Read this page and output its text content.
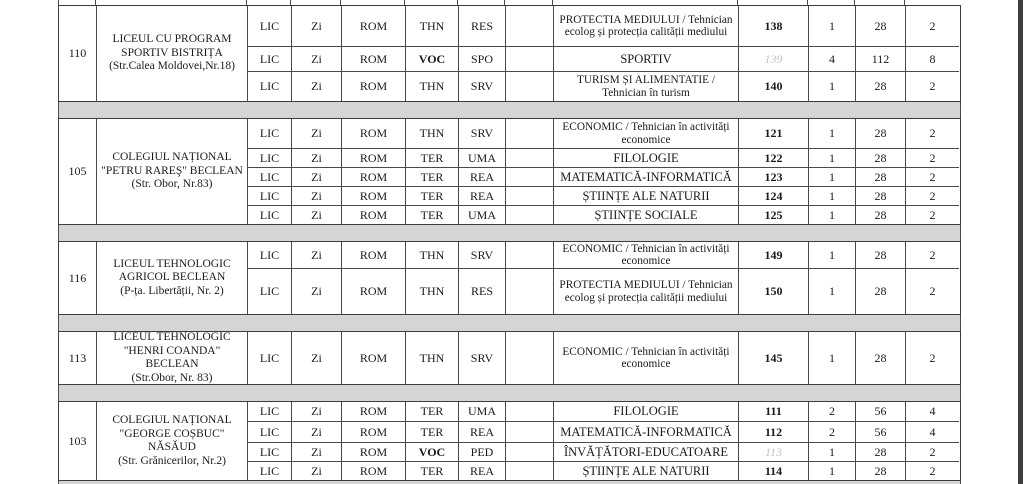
110
LICEUL CU PROGRAM SPORTIV BISTRIȚA
(Str.Calea Moldovei,Nr.18)
LIC	Zi	ROM	THN	RES	PROTECTIA MEDIULUI / Tehnician ecolog și protecția calității mediului	138	1	28	2
LIC	Zi	ROM	VOC	SPO	SPORTIV	139	4	112	8
LIC	Zi	ROM	THN	SRV	TURISM ȘI ALIMENTATIE / Tehnician în turism	140	1	28	2
105
COLEGIUL NAȚIONAL "PETRU RAREŞ" BECLEAN
(Str. Obor, Nr.83)
LIC	Zi	ROM	THN	SRV	ECONOMIC / Tehnician în activități economice	121	1	28	2
LIC	Zi	ROM	TER	UMA	FILOLOGIE	122	1	28	2
LIC	Zi	ROM	TER	REA	MATEMATICĂ-INFORMATICĂ	123	1	28	2
LIC	Zi	ROM	TER	REA	ȘTIINȚE ALE NATURII	124	1	28	2
LIC	Zi	ROM	TER	UMA	ȘTIINȚE SOCIALE	125	1	28	2
116
LICEUL TEHNOLOGIC AGRICOL BECLEAN
(P-ța. Libertății, Nr. 2)
LIC	Zi	ROM	THN	SRV	ECONOMIC / Tehnician în activități economice	149	1	28	2
LIC	Zi	ROM	THN	RES	PROTECTIA MEDIULUI / Tehnician ecolog și protecția calității mediului	150	1	28	2
113
LICEUL TEHNOLOGIC "HENRI COANDA" BECLEAN
(Str.Obor, Nr. 83)
LIC	Zi	ROM	THN	SRV	ECONOMIC / Tehnician în activități economice	145	1	28	2
103
COLEGIUL NAȚIONAL "GEORGE COȘBUC" NĂSĂUD
(Str. Grănicerilor, Nr.2)
LIC	Zi	ROM	TER	UMA	FILOLOGIE	111	2	56	4
LIC	Zi	ROM	TER	REA	MATEMATICĂ-INFORMATICĂ	112	2	56	4
LIC	Zi	ROM	VOC	PED	ÎNVĂȚĂTORI-EDUCATOARE	113	1	28	2
LIC	Zi	ROM	TER	REA	ȘTIINȚE ALE NATURII	114	1	28	2
